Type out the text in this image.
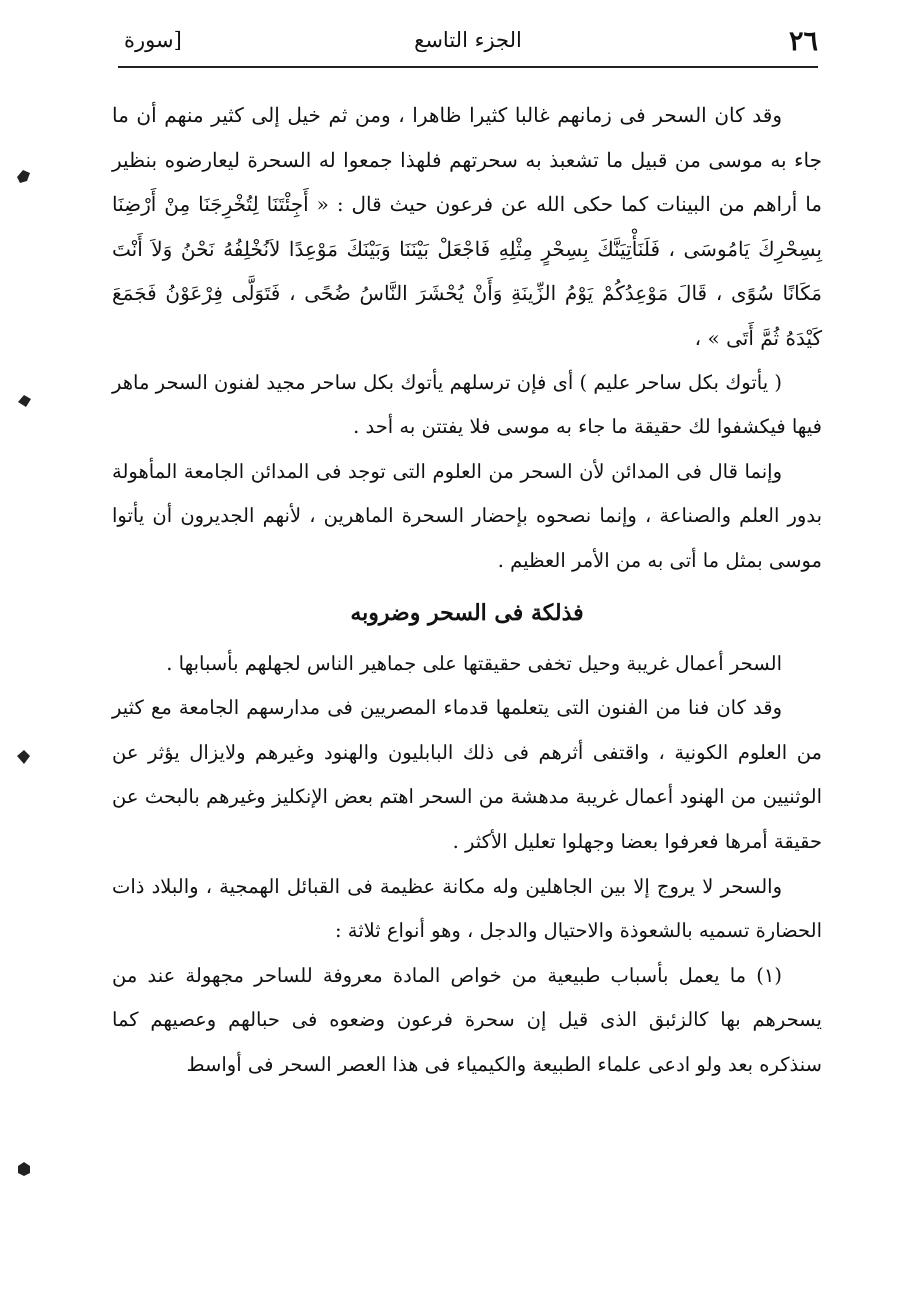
٢٦
الجزء التاسع
[سورة

وقد كان السحر فى زمانهم غالبا كثيرا ظاهرا ، ومن ثم خيل إلى كثير منهم أن ما جاء به موسى من قبيل ما تشعبذ به سحرتهم فلهذا جمعوا له السحرة ليعارضوه بنظير ما أراهم من البينات كما حكى الله عن فرعون حيث قال : « أَجِئْتَنَا لِتُخْرِجَنَا مِنْ أَرْضِنَا بِسِحْرِكَ يَامُوسَى ، فَلَنَأْتِيَنَّكَ بِسِحْرٍ مِثْلِهِ فَاجْعَلْ بَيْنَنَا وَبَيْنَكَ مَوْعِدًا لاَنُخْلِفُهُ نَحْنُ وَلاَ أَنْتَ مَكَانًا سُوًى ، قَالَ مَوْعِدُكُمْ يَوْمُ الزِّينَةِ وَأَنْ يُحْشَرَ النَّاسُ ضُحًى ، فَتَوَلَّى فِرْعَوْنُ فَجَمَعَ كَيْدَهُ ثُمَّ أَتَى » ،

( يأتوك بكل ساحر عليم ) أى فإن ترسلهم يأتوك بكل ساحر مجيد لفنون السحر ماهر فيها فيكشفوا لك حقيقة ما جاء به موسى فلا يفتتن به أحد .

وإنما قال فى المدائن لأن السحر من العلوم التى توجد فى المدائن الجامعة المأهولة بدور العلم والصناعة ، وإنما نصحوه بإحضار السحرة الماهرين ، لأنهم الجديرون أن يأتوا موسى بمثل ما أتى به من الأمر العظيم .

فذلكة فى السحر وضروبه

السحر أعمال غريبة وحيل تخفى حقيقتها على جماهير الناس لجهلهم بأسبابها .

وقد كان فنا من الفنون التى يتعلمها قدماء المصريين فى مدارسهم الجامعة مع كثير من العلوم الكونية ، واقتفى أثرهم فى ذلك البابليون والهنود وغيرهم ولايزال يؤثر عن الوثنيين من الهنود أعمال غريبة مدهشة من السحر اهتم بعض الإنكليز وغيرهم بالبحث عن حقيقة أمرها فعرفوا بعضا وجهلوا تعليل الأكثر .

والسحر لا يروج إلا بين الجاهلين وله مكانة عظيمة فى القبائل الهمجية ، والبلاد ذات الحضارة تسميه بالشعوذة والاحتيال والدجل ، وهو أنواع ثلاثة :

(١) ما يعمل بأسباب طبيعية من خواص المادة معروفة للساحر مجهولة عند من يسحرهم بها كالزئبق الذى قيل إن سحرة فرعون وضعوه فى حبالهم وعصيهم كما سنذكره بعد ولو ادعى علماء الطبيعة والكيمياء فى هذا العصر السحر فى أواسط
